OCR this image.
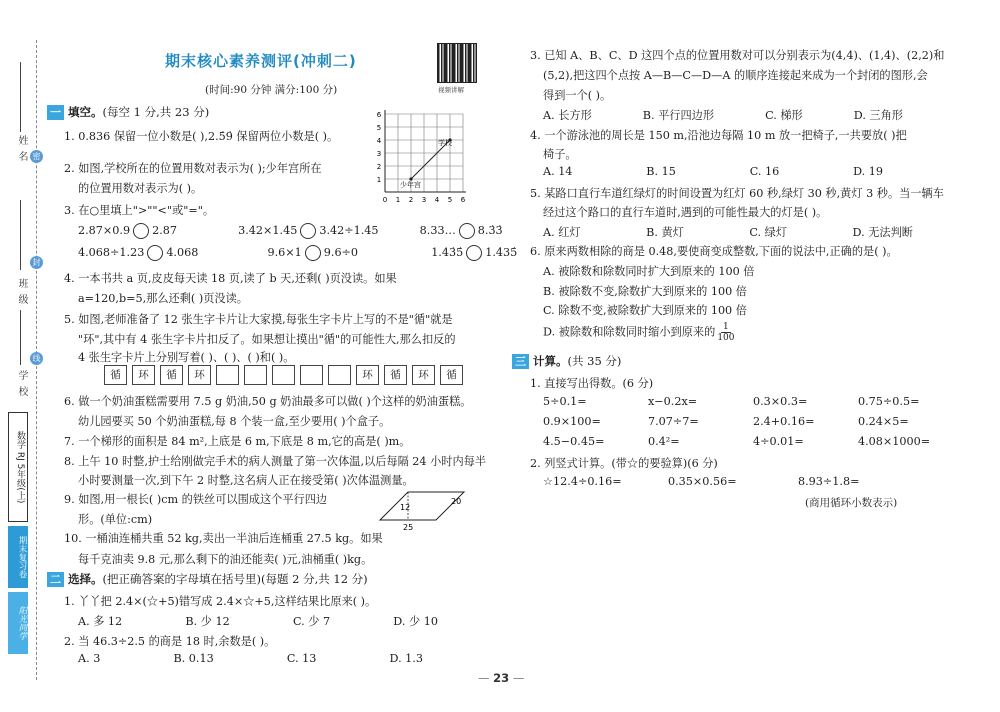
姓名
班级
学校
密
封
线
数学 RJ 5年级(上)
期末复习卷
阳光同学
期末核心素养测评(冲刺二)
(时间:90 分钟 满分:100 分)	视频讲解
一 填空。 (每空 1 分,共 23 分)
1. 0.836 保留一位小数是( ),2.5̇9̇ 保留两位小数是( )。
2. 如图,学校所在的位置用数对表示为( );少年宫所在
的位置用数对表示为( )。
3. 在○里填上">""<"或"="。
2.87×0.9 2.87	3.42×1.45 3.42÷1.45	8.33… 8.3̇3̇
4.068÷1.23 4.068	9.6×1 9.6÷0	1.43̇5̇ 1.4̇35̇
4. 一本书共 a 页,皮皮每天读 18 页,读了 b 天,还剩( )页没读。如果
a=120,b=5,那么还剩( )页没读。
5. 如图,老师准备了 12 张生字卡片让大家摸,每张生字卡片上写的不是"循"就是
"环",其中有 4 张生字卡片扣反了。如果想让摸出"循"的可能性大,那么扣反的
4 张生字卡片上分别写着( )、( )、( )和( )。
循	环	循	环	环	循	环	循
6. 做一个奶油蛋糕需要用 7.5 g 奶油,50 g 奶油最多可以做( )个这样的奶油蛋糕。
幼儿园要买 50 个奶油蛋糕,每 8 个装一盒,至少要用( )个盒子。
7. 一个梯形的面积是 84 m²,上底是 6 m,下底是 8 m,它的高是( )m。
8. 上午 10 时整,护士给刚做完手术的病人测量了第一次体温,以后每隔 24 小时内每半
小时要测量一次,到下午 2 时整,这名病人正在接受第( )次体温测量。
9. 如图,用一根长( )cm 的铁丝可以围成这个平行四边
形。(单位:cm)
10. 一桶油连桶共重 52 kg,卖出一半油后连桶重 27.5 kg。如果
每千克油卖 9.8 元,那么剩下的油还能卖( )元,油桶重( )kg。
学校
少年宫
0 1 2 3 4 5 6
1
2
3
4
5
6
12
20
25
二 选择。 (把正确答案的字母填在括号里)(每题 2 分,共 12 分)
1. 丫丫把 2.4×(☆+5)错写成 2.4×☆+5,这样结果比原来( )。
A. 多 12	B. 少 12	C. 少 7	D. 少 10
2. 当 46.3÷2.5 的商是 18 时,余数是( )。
A. 3	B. 0.13	C. 13	D. 1.3
3. 已知 A、B、C、D 这四个点的位置用数对可以分别表示为(4,4)、(1,4)、(2,2)和
(5,2),把这四个点按 A—B—C—D—A 的顺序连接起来成为一个封闭的图形,会
得到一个( )。
A. 长方形	B. 平行四边形	C. 梯形	D. 三角形
4. 一个游泳池的周长是 150 m,沿池边每隔 10 m 放一把椅子,一共要放( )把
椅子。
A. 14	B. 15	C. 16	D. 19
5. 某路口直行车道红绿灯的时间设置为红灯 60 秒,绿灯 30 秒,黄灯 3 秒。当一辆车
经过这个路口的直行车道时,遇到的可能性最大的灯是( )。
A. 红灯	B. 黄灯	C. 绿灯	D. 无法判断
6. 原来两数相除的商是 0.48,要使商变成整数,下面的说法中,正确的是( )。
A. 被除数和除数同时扩大到原来的 100 倍
B. 被除数不变,除数扩大到原来的 100 倍
C. 除数不变,被除数扩大到原来的 100 倍
D. 被除数和除数同时缩小到原来的 $\frac{1}{100}$
三 计算。 (共 35 分)
1. 直接写出得数。(6 分)
5÷0.1=	x−0.2x=	0.3×0.3=	0.75÷0.5=
0.9×100=	7.07÷7=	2.4+0.16=	0.24×5=
4.5−0.45=	0.4²=	4÷0.01=	4.08×1000=
2. 列竖式计算。(带☆的要验算)(6 分)
☆12.4÷0.16=	0.35×0.56=	8.93÷1.8=
(商用循环小数表示)
— 23 —
